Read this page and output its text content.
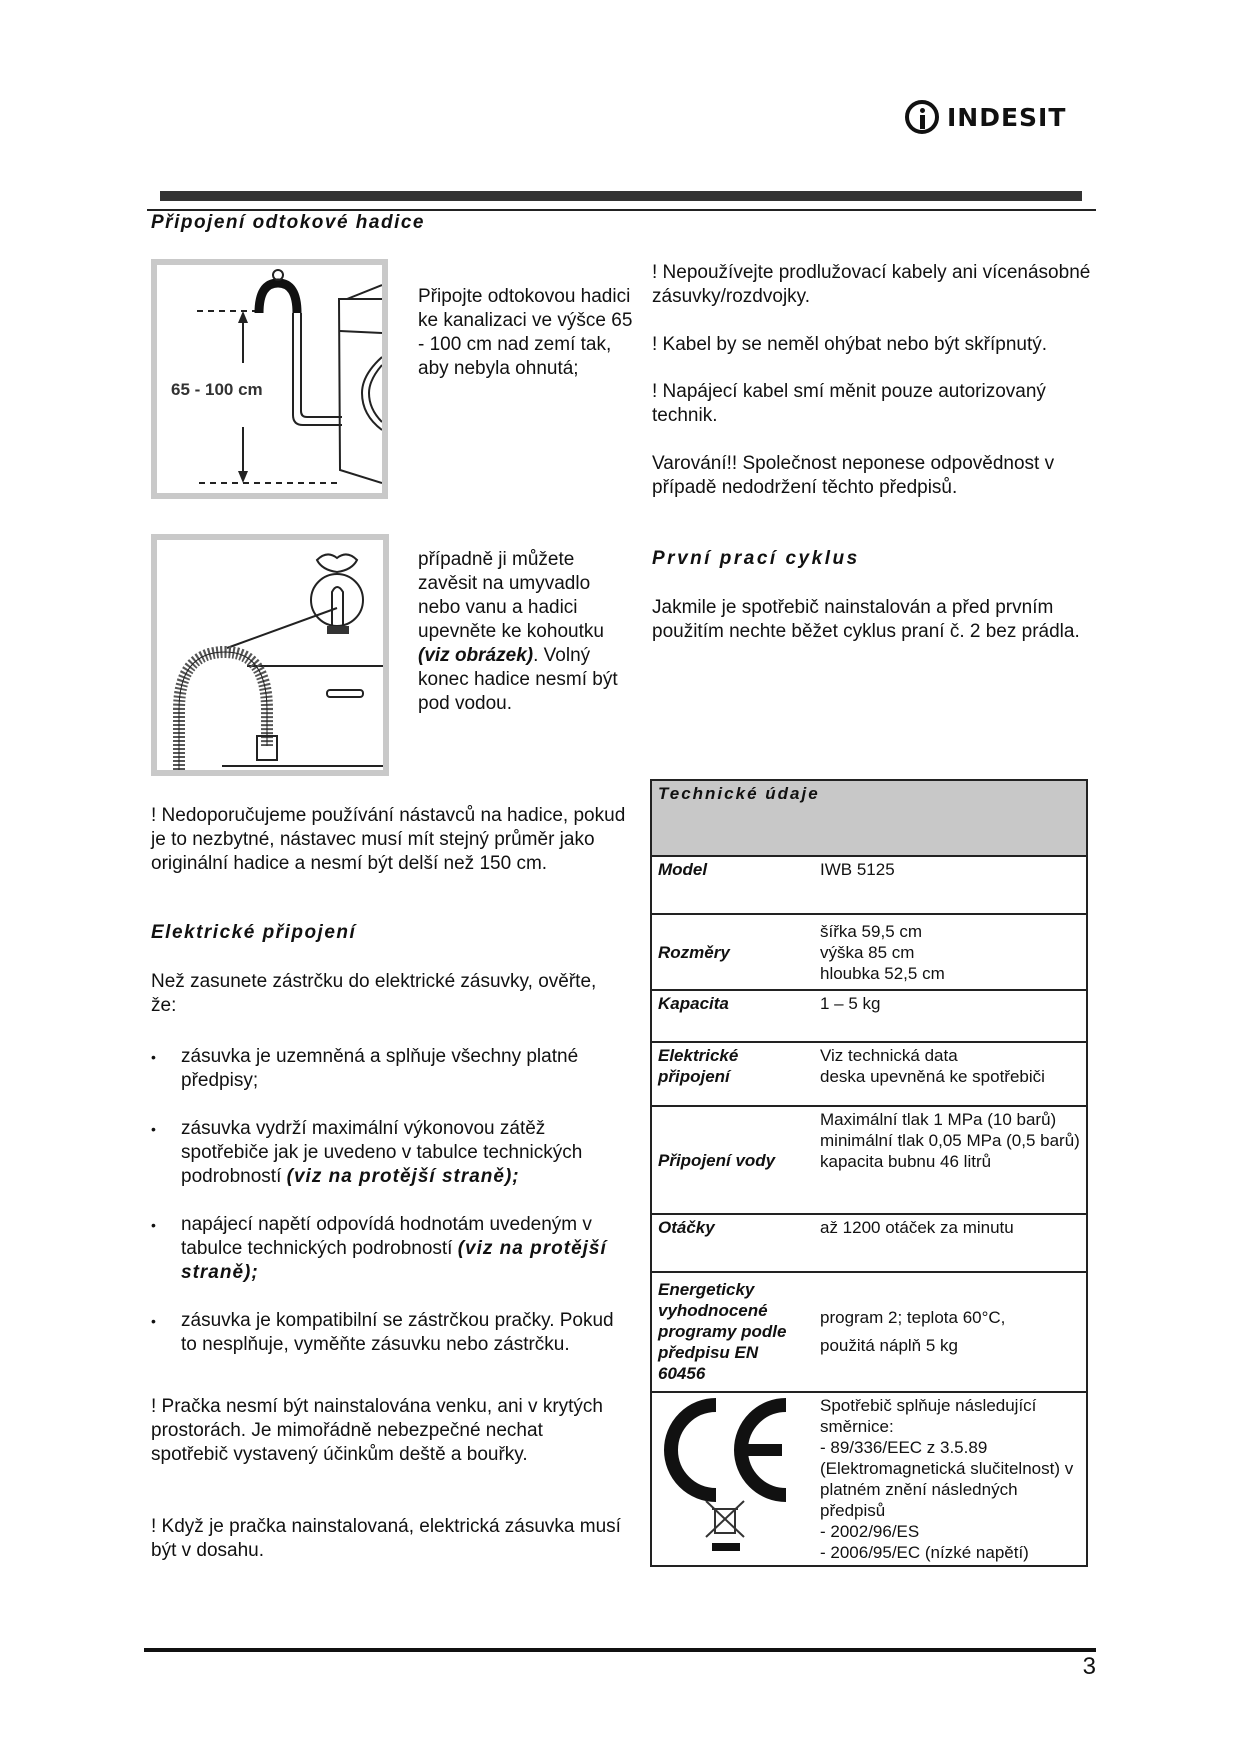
INDESIT
Připojení odtokové hadice
65 - 100 cm

Připojte odtokovou hadici ke kanalizaci ve výšce 65 - 100 cm nad zemí tak, aby nebyla ohnutá;

případně ji můžete zavěsit na umyvadlo nebo vanu a hadici upevněte ke kohoutku (viz obrázek). Volný konec hadice nesmí být pod vodou.

! Nedoporučujeme používání nástavců na hadice, pokud je to nezbytné, nástavec musí mít stejný průměr jako originální hadice a nesmí být delší než 150 cm.

Elektrické připojení

Než zasunete zástrčku do elektrické zásuvky, ověřte, že:

• zásuvka je uzemněná a splňuje všechny platné předpisy;
• zásuvka vydrží maximální výkonovou zátěž spotřebiče jak je uvedeno v tabulce technických podrobností (viz na protější straně);
• napájecí napětí odpovídá hodnotám uvedeným v tabulce technických podrobností (viz na protější straně);
• zásuvka je kompatibilní se zástrčkou pračky. Pokud to nesplňuje, vyměňte zásuvku nebo zástrčku.

! Pračka nesmí být nainstalována venku, ani v krytých prostorách. Je mimořádně nebezpečné nechat spotřebič vystavený účinkům deště a bouřky.

! Když je pračka nainstalovaná, elektrická zásuvka musí být v dosahu.

! Nepoužívejte prodlužovací kabely ani vícenásobné zásuvky/rozdvojky.

! Kabel by se neměl ohýbat nebo být skřípnutý.

! Napájecí kabel smí měnit pouze autorizovaný technik.

Varování!! Společnost neponese odpovědnost v případě nedodržení těchto předpisů.

První prací cyklus

Jakmile je spotřebič nainstalován a před prvním použitím nechte běžet cyklus praní č. 2 bez prádla.

Technické údaje	
Model	IWB 5125

Rozměry	šířka 59,5 cm
výška 85 cm
hloubka 52,5 cm

Kapacita	1 – 5 kg

Elektrické připojení	Viz technická data
deska upevněná ke spotřebiči

Připojení vody	Maximální tlak 1 MPa (10 barů)
minimální tlak 0,05 MPa (0,5 barů)
kapacita bubnu 46 litrů

Otáčky	až 1200 otáček za minutu

Energeticky vyhodnocené programy podle předpisu EN 60456	program 2; teplota 60°C,
použitá náplň 5 kg

Spotřebič splňuje následující směrnice:
- 89/336/EEC z 3.5.89 (Elektromagnetická slučitelnost) v platném znění následných předpisů
- 2002/96/ES
- 2006/95/EC (nízké napětí)
3
